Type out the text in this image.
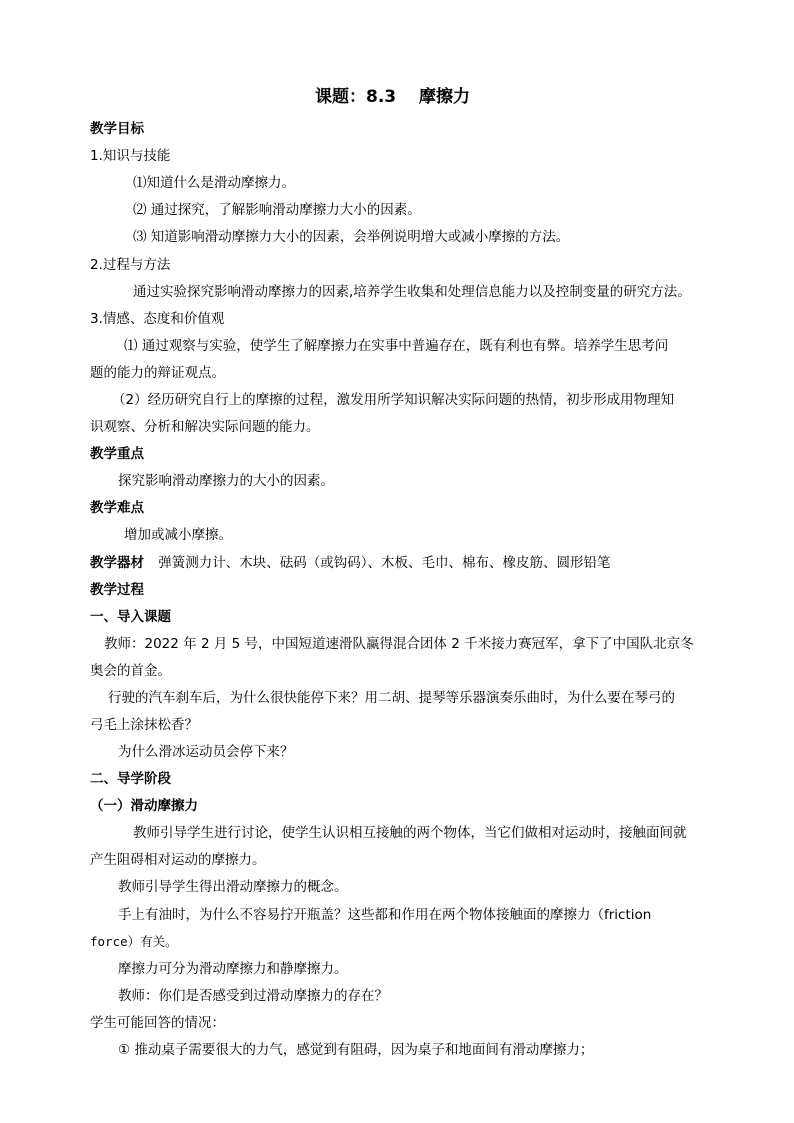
课题：8.3　 摩擦力
教学目标
1.知识与技能
⑴知道什么是滑动摩擦力。
⑵ 通过探究，了解影响滑动摩擦力大小的因素。
⑶ 知道影响滑动摩擦力大小的因素，会举例说明增大或减小摩擦的方法。
2.过程与方法
通过实验探究影响滑动摩擦力的因素,培养学生收集和处理信息能力以及控制变量的研究方法。
3.情感、态度和价值观
⑴ 通过观察与实验，使学生了解摩擦力在实事中普遍存在，既有利也有弊。培养学生思考问
题的能力的辩证观点。
（2）经历研究自行上的摩擦的过程，激发用所学知识解决实际问题的热情，初步形成用物理知
识观察、分析和解决实际问题的能力。
教学重点
探究影响滑动摩擦力的大小的因素。
教学难点
增加或减小摩擦。
教学器材 弹簧测力计、木块、砝码（或钩码）、木板、毛巾、棉布、橡皮筋、圆形铅笔
教学过程
一、导入课题
教师：2022 年 2 月 5 号，中国短道速滑队赢得混合团体 2 千米接力赛冠军，拿下了中国队北京冬
奥会的首金。
行驶的汽车刹车后，为什么很快能停下来？用二胡、提琴等乐器演奏乐曲时，为什么要在琴弓的
弓毛上涂抹松香？
为什么滑冰运动员会停下来？
二、导学阶段
（一）滑动摩擦力
教师引导学生进行讨论，使学生认识相互接触的两个物体，当它们做相对运动时，接触面间就
产生阻碍相对运动的摩擦力。
教师引导学生得出滑动摩擦力的概念。
手上有油时，为什么不容易拧开瓶盖？这些都和作用在两个物体接触面的摩擦力（friction
force）有关。
摩擦力可分为滑动摩擦力和静摩擦力。
教师：你们是否感受到过滑动摩擦力的存在？
学生可能回答的情况：
① 推动桌子需要很大的力气，感觉到有阻碍，因为桌子和地面间有滑动摩擦力；
